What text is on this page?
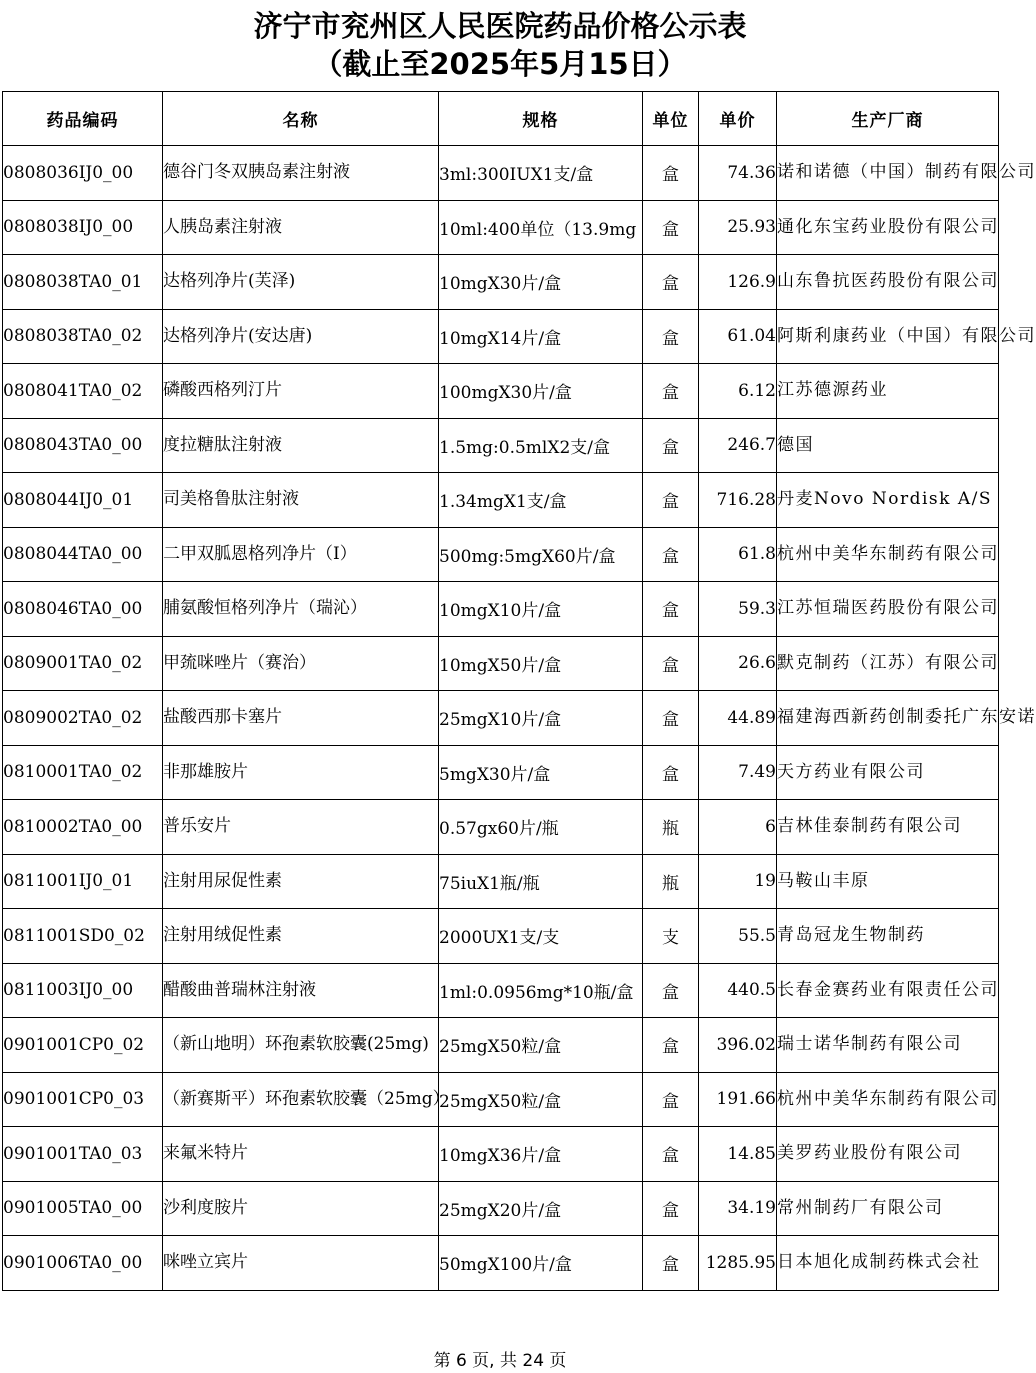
济宁市兖州区人民医院药品价格公示表
（截止至2025年5月15日）
药品编码	名称	规格	单位	单价	生产厂商
0808036IJ0_00	德谷门冬双胰岛素注射液	3ml:300IUX1支/盒	盒	74.36	诺和诺德（中国）制药有限公司
0808038IJ0_00	人胰岛素注射液	10ml:400单位（13.9mg	盒	25.93	通化东宝药业股份有限公司
0808038TA0_01	达格列净片(芙泽)	10mgX30片/盒	盒	126.9	山东鲁抗医药股份有限公司
0808038TA0_02	达格列净片(安达唐)	10mgX14片/盒	盒	61.04	阿斯利康药业（中国）有限公司
0808041TA0_02	磷酸西格列汀片	100mgX30片/盒	盒	6.12	江苏德源药业
0808043TA0_00	度拉糖肽注射液	1.5mg:0.5mlX2支/盒	盒	246.7	德国
0808044IJ0_01	司美格鲁肽注射液	1.34mgX1支/盒	盒	716.28	丹麦Novo Nordisk A/S
0808044TA0_00	二甲双胍恩格列净片（Ⅰ）	500mg:5mgX60片/盒	盒	61.8	杭州中美华东制药有限公司
0808046TA0_00	脯氨酸恒格列净片（瑞沁）	10mgX10片/盒	盒	59.3	江苏恒瑞医药股份有限公司
0809001TA0_02	甲巯咪唑片（赛治）	10mgX50片/盒	盒	26.6	默克制药（江苏）有限公司
0809002TA0_02	盐酸西那卡塞片	25mgX10片/盒	盒	44.89	福建海西新药创制委托广东安诺
0810001TA0_02	非那雄胺片	5mgX30片/盒	盒	7.49	天方药业有限公司
0810002TA0_00	普乐安片	0.57gx60片/瓶	瓶	6	吉林佳泰制药有限公司
0811001IJ0_01	注射用尿促性素	75iuX1瓶/瓶	瓶	19	马鞍山丰原
0811001SD0_02	注射用绒促性素	2000UX1支/支	支	55.5	青岛冠龙生物制药
0811003IJ0_00	醋酸曲普瑞林注射液	1ml:0.0956mg*10瓶/盒	盒	440.5	长春金赛药业有限责任公司
0901001CP0_02	（新山地明）环孢素软胶囊(25mg)	25mgX50粒/盒	盒	396.02	瑞士诺华制药有限公司
0901001CP0_03	（新赛斯平）环孢素软胶囊（25mg）	25mgX50粒/盒	盒	191.66	杭州中美华东制药有限公司
0901001TA0_03	来氟米特片	10mgX36片/盒	盒	14.85	美罗药业股份有限公司
0901005TA0_00	沙利度胺片	25mgX20片/盒	盒	34.19	常州制药厂有限公司
0901006TA0_00	咪唑立宾片	50mgX100片/盒	盒	1285.95	日本旭化成制药株式会社
第 6 页, 共 24 页
